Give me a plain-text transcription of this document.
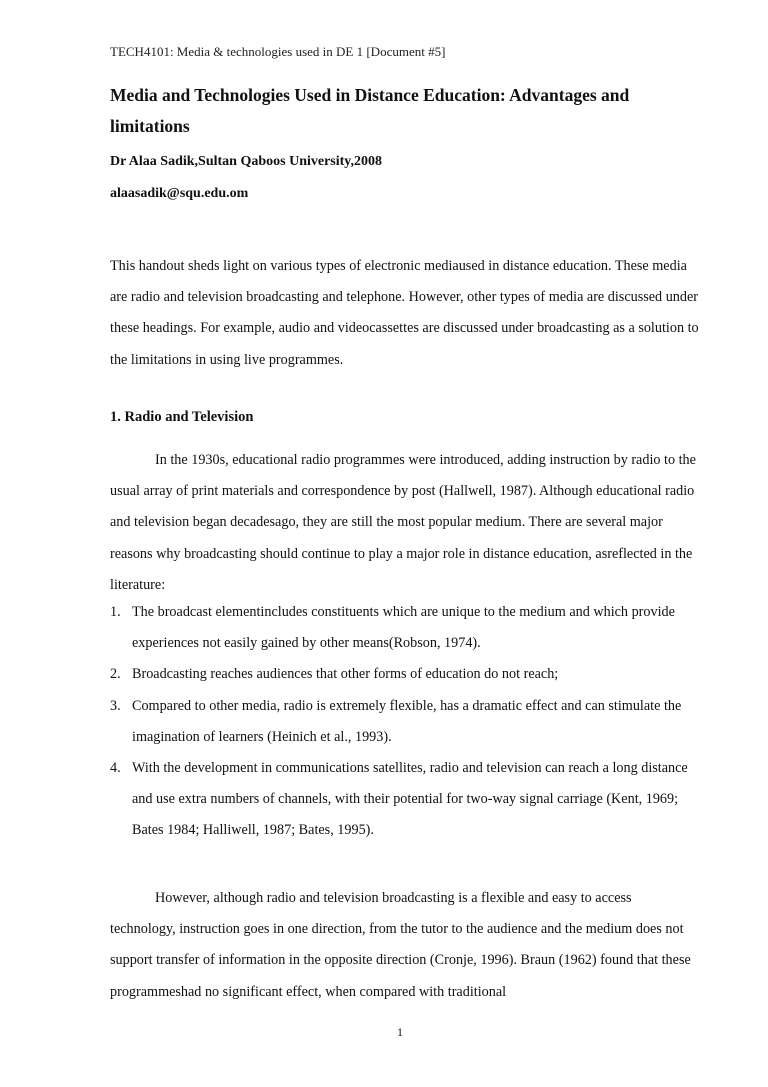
TECH4101: Media & technologies used in DE 1 [Document #5]
Media and Technologies Used in Distance Education: Advantages and limitations
Dr Alaa Sadik,Sultan Qaboos University,2008
alaasadik@squ.edu.om

This handout sheds light on various types of electronic mediaused in distance education. These media are radio and television broadcasting and telephone. However, other types of media are discussed under these headings. For example, audio and videocassettes are discussed under broadcasting as a solution to the limitations in using live programmes.

1. Radio and Television

In the 1930s, educational radio programmes were introduced, adding instruction by radio to the usual array of print materials and correspondence by post (Hallwell, 1987). Although educational radio and television began decadesago, they are still the most popular medium. There are several major reasons why broadcasting should continue to play a major role in distance education, asreflected in the literature:

1. The broadcast elementincludes constituents which are unique to the medium and which provide experiences not easily gained by other means(Robson, 1974).
2. Broadcasting reaches audiences that other forms of education do not reach;
3. Compared to other media, radio is extremely flexible, has a dramatic effect and can stimulate the imagination of learners (Heinich et al., 1993).
4. With the development in communications satellites, radio and television can reach a long distance and use extra numbers of channels, with their potential for two-way signal carriage (Kent, 1969; Bates 1984; Halliwell, 1987; Bates, 1995).

However, although radio and television broadcasting is a flexible and easy to access technology, instruction goes in one direction, from the tutor to the audience and the medium does not support transfer of information in the opposite direction (Cronje, 1996). Braun (1962) found that these programmeshad no significant effect, when compared with traditional

1
